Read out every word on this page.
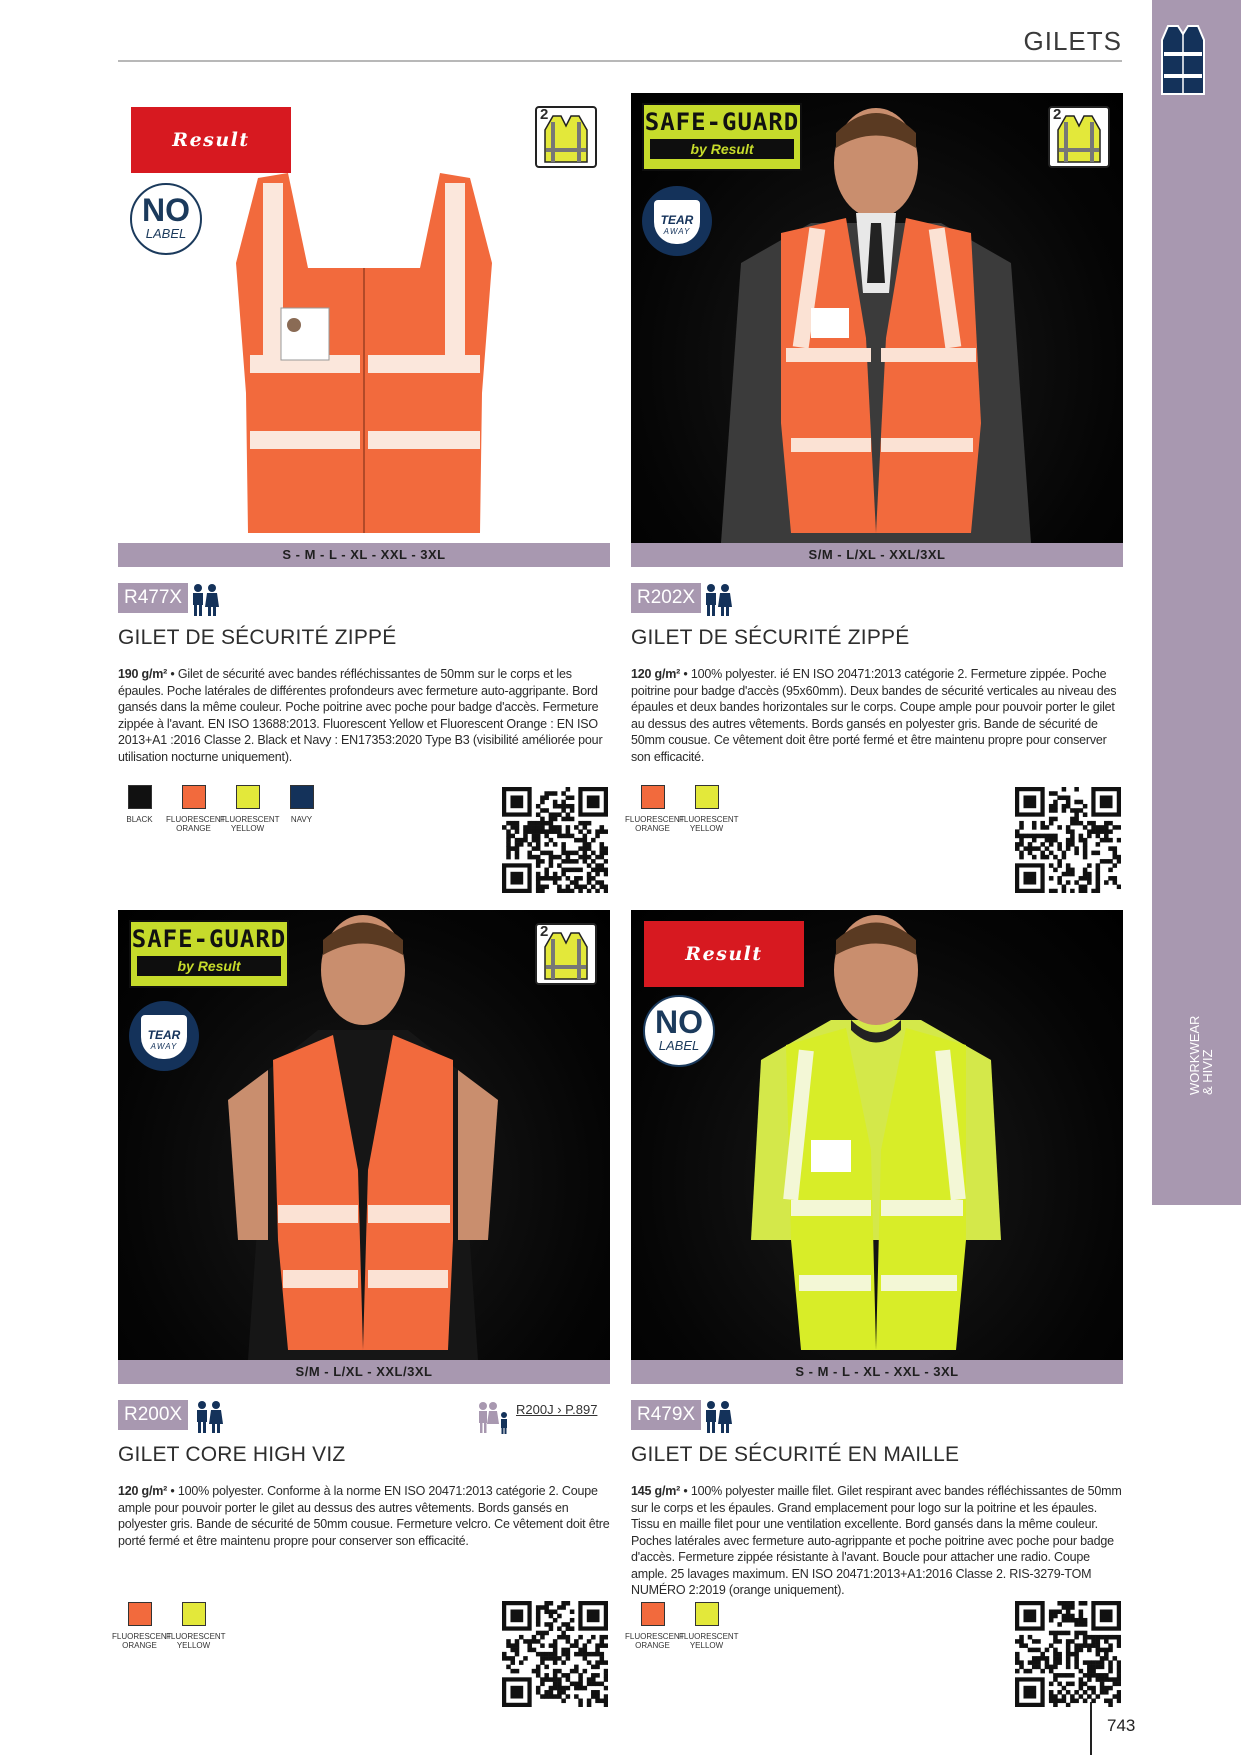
WORKWEAR
& HIVIZ
GILETS
Result
NO
LABEL
2
S - M - L - XL - XXL - 3XL
R477X
GILET DE SÉCURITÉ ZIPPÉ
190 g/m² • Gilet de sécurité avec bandes réfléchissantes de 50mm sur le corps et les épaules. Poche latérales de différentes profondeurs avec fermeture auto-aggripante. Bord gansés dans la même couleur. Poche poitrine avec poche pour badge d'accès. Fermeture zippée à l'avant. EN ISO 13688:2013. Fluorescent Yellow et Fluorescent Orange : EN ISO 2013+A1 :2016 Classe 2. Black et Navy : EN17353:2020 Type B3 (visibilité améliorée pour utilisation nocturne uniquement).
BLACK	FLUORESCENT
ORANGE
FLUORESCENT
YELLOW
NAVY
SAFE-GUARD
by Result
TEAR
AWAY
2
S/M - L/XL - XXL/3XL
R202X
GILET DE SÉCURITÉ ZIPPÉ
120 g/m² • 100% polyester. ié EN ISO 20471:2013 catégorie 2. Fermeture zippée. Poche poitrine pour badge d'accès (95x60mm). Deux bandes de sécurité verticales au niveau des épaules et deux bandes horizontales sur le corps. Coupe ample pour pouvoir porter le gilet au dessus des autres vêtements. Bords gansés en polyester gris. Bande de sécurité de 50mm cousue. Ce vêtement doit être porté fermé et être maintenu propre pour conserver son efficacité.
FLUORESCENT
ORANGE
FLUORESCENT
YELLOW
SAFE-GUARD
by Result
TEAR
AWAY
2
S/M - L/XL - XXL/3XL
R200X	R200J › P.897
GILET CORE HIGH VIZ
120 g/m² • 100% polyester. Conforme à la norme EN ISO 20471:2013 catégorie 2. Coupe ample pour pouvoir porter le gilet au dessus des autres vêtements. Bords gansés en polyester gris. Bande de sécurité de 50mm cousue. Fermeture velcro. Ce vêtement doit être porté fermé et être maintenu propre pour conserver son efficacité.
FLUORESCENT
ORANGE
FLUORESCENT
YELLOW
Result
NO
LABEL
S - M - L - XL - XXL - 3XL
R479X
GILET DE SÉCURITÉ EN MAILLE
145 g/m² • 100% polyester maille filet. Gilet respirant avec bandes réfléchissantes de 50mm sur le corps et les épaules. Grand emplacement pour logo sur la poitrine et les épaules. Tissu en maille filet pour une ventilation excellente. Bord gansés dans la même couleur. Poches latérales avec fermeture auto-agrippante et poche poitrine avec poche pour badge d'accès. Fermeture zippée résistante à l'avant. Boucle pour attacher une radio. Coupe ample. 25 lavages maximum. EN ISO 20471:2013+A1:2016 Classe 2. RIS-3279-TOM NUMÉRO 2:2019 (orange uniquement).
FLUORESCENT
ORANGE
FLUORESCENT
YELLOW
743
